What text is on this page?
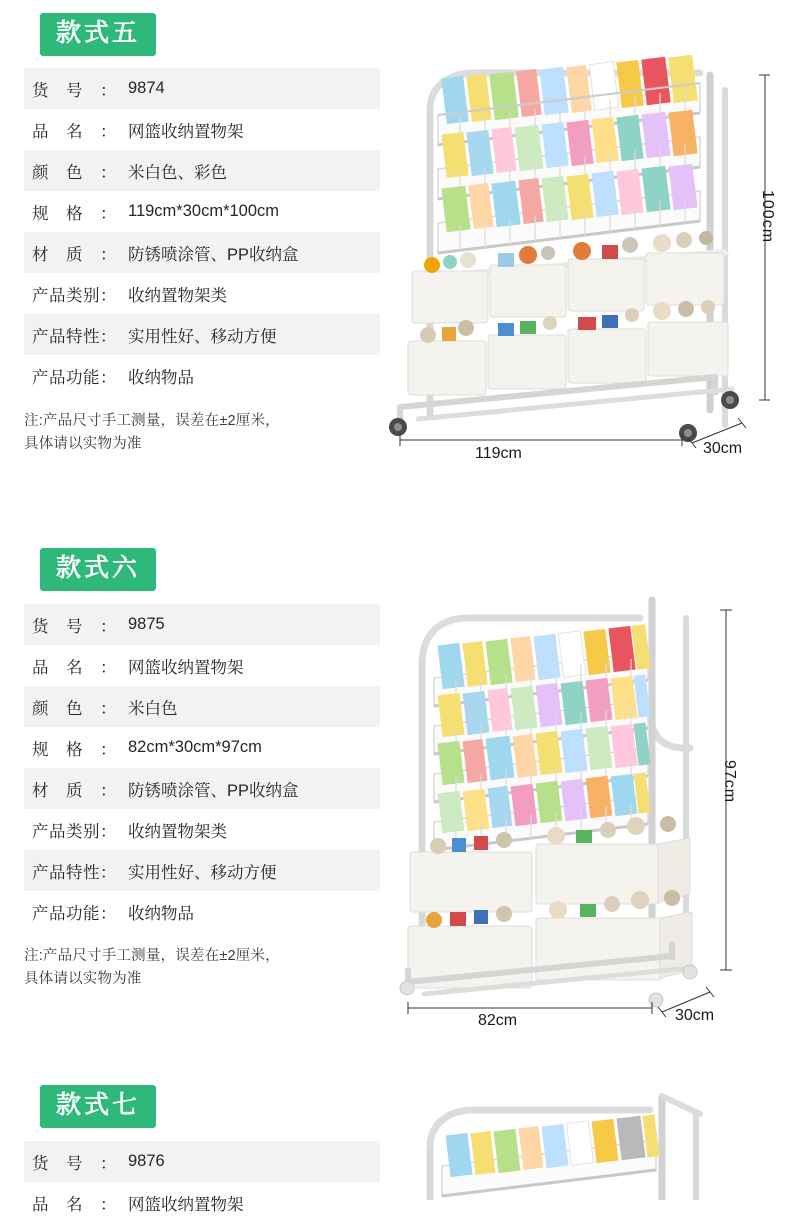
款式五
货　号　： 9874
品　名　： 网篮收纳置物架
颜　色　： 米白色、彩色
规　格　： 119cm*30cm*100cm
材　质　： 防锈喷涂管、PP收纳盒
产品类别： 收纳置物架类
产品特性： 实用性好、移动方便
产品功能： 收纳物品
注:产品尺寸手工测量，误差在±2厘米，
具体请以实物为准
100cm
119cm	30cm
款式六
货　号　： 9875
品　名　： 网篮收纳置物架
颜　色　： 米白色
规　格　： 82cm*30cm*97cm
材　质　： 防锈喷涂管、PP收纳盒
产品类别： 收纳置物架类
产品特性： 实用性好、移动方便
产品功能： 收纳物品
注:产品尺寸手工测量，误差在±2厘米，
具体请以实物为准
97cm
82cm	30cm
款式七
货　号　： 9876
品　名　： 网篮收纳置物架
